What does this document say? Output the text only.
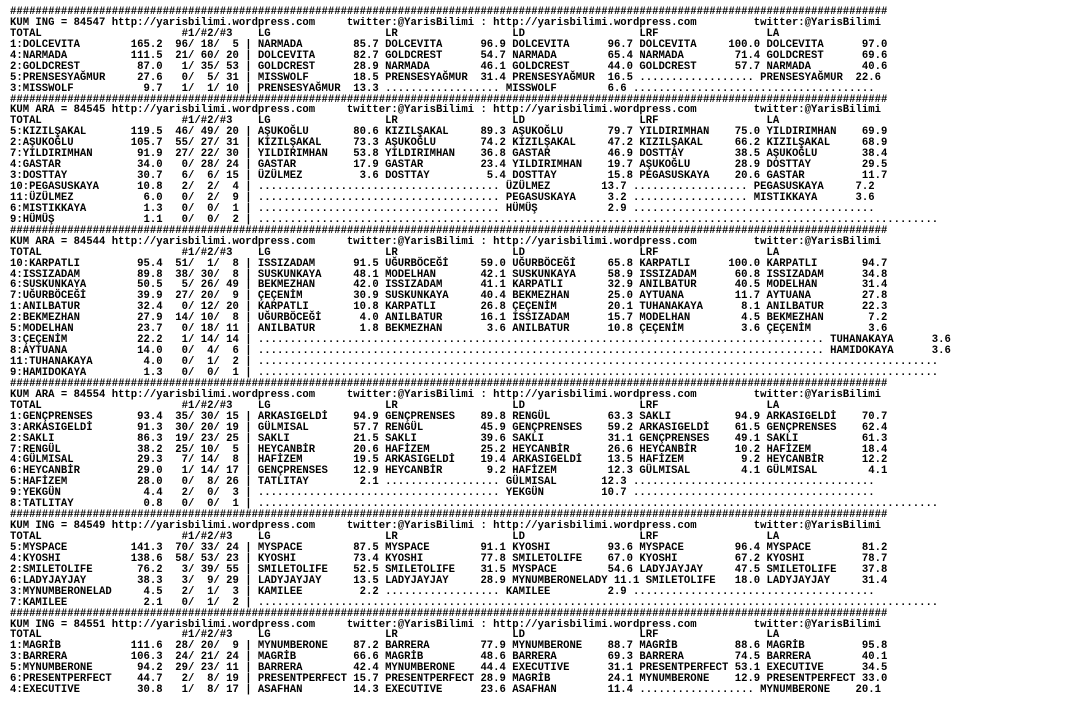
##########################################################################################################################################
KUM ING = 84547 http://yarisbilimi.wordpress.com     twitter:@YarisBilimi : http://yarisbilimi.wordpress.com         twitter:@YarisBilimi
TOTAL                      #1/#2/#3    LG                  LR                  LD                  LRF                 LA
1:DOLCEVITA        165.2  96/ 18/  5 | NARMADA        85.7 DOLCEVITA      96.9 DOLCEVITA      96.7 DOLCEVITA     100.0 DOLCEVITA      97.0
4:NARMADA          111.5  21/ 60/ 20 | DOLCEVITA      82.7 GOLDCREST      54.7 NARMADA        65.4 NARMADA        71.4 GOLDCREST      69.6
2:GOLDCREST         87.0   1/ 35/ 53 | GOLDCREST      28.9 NARMADA        46.1 GOLDCREST      44.0 GOLDCREST      57.7 NARMADA        40.6
5:PRENSESYAĞMUR     27.6   0/  5/ 31 | MISSWOLF       18.5 PRENSESYAĞMUR  31.4 PRENSESYAĞMUR  16.5 .................. PRENSESYAĞMUR  22.6
3:MISSWOLF           9.7   1/  1/ 10 | PRENSESYAĞMUR  13.3 .................. MISSWOLF        6.6 ......................................
##########################################################################################################################################
KUM ARA = 84545 http://yarisbilimi.wordpress.com     twitter:@YarisBilimi : http://yarisbilimi.wordpress.com         twitter:@YarisBilimi
TOTAL                      #1/#2/#3    LG                  LR                  LD                  LRF                 LA
5:KIZILŞAKAL       119.5  46/ 49/ 20 | AŞUKOĞLU       80.6 KIZILŞAKAL     89.3 AŞUKOĞLU       79.7 YILDIRIMHAN    75.0 YILDIRIMHAN    69.9
2:AŞUKOĞLU         105.7  55/ 27/ 31 | KIZILŞAKAL     73.3 AŞUKOĞLU       74.2 KIZILŞAKAL     47.2 KIZILŞAKAL     66.2 KIZILŞAKAL     68.9
7:YILDIRIMHAN       91.9  27/ 22/ 30 | YILDIRIMHAN    53.8 YILDIRIMHAN    36.8 GASTAR         46.9 DOSTTAY        38.5 AŞUKOĞLU       38.4
4:GASTAR            34.0   0/ 28/ 24 | GASTAR         17.9 GASTAR         23.4 YILDIRIMHAN    19.7 AŞUKOĞLU       28.9 DOSTTAY        29.5
3:DOSTTAY           30.7   6/  6/ 15 | ÜZÜLMEZ         3.6 DOSTTAY         5.4 DOSTTAY        15.8 PEGASUSKAYA    20.6 GASTAR         11.7
10:PEGASUSKAYA      10.8   2/  2/  4 | ...................................... ÜZÜLMEZ        13.7 .................. PEGASUSKAYA     7.2
11:ÜZÜLMEZ           6.0   0/  2/  9 | ...................................... PEGASUSKAYA     3.2 .................. MISTIKKAYA      3.6
6:MISTIKKAYA         1.3   0/  0/  1 | ...................................... HÜMÜŞ           2.9 ......................................
9:HÜMÜŞ              1.1   0/  0/  2 | ...........................................................................................................
##########################################################################################################################################
KUM ARA = 84544 http://yarisbilimi.wordpress.com     twitter:@YarisBilimi : http://yarisbilimi.wordpress.com         twitter:@YarisBilimi
TOTAL                      #1/#2/#3    LG                  LR                  LD                  LRF                 LA
10:KARPATLI         95.4  51/  1/  8 | ISSIZADAM      91.5 UĞURBÖCEĞİ     59.0 UĞURBÖCEĞİ     65.8 KARPATLI      100.0 KARPATLI       94.7
4:ISSIZADAM         89.8  38/ 30/  8 | SUSKUNKAYA     48.1 MODELHAN       42.1 SUSKUNKAYA     58.9 ISSIZADAM      60.8 ISSIZADAM      34.8
6:SUSKUNKAYA        50.5   5/ 26/ 49 | BEKMEZHAN      42.0 ISSIZADAM      41.1 KARPATLI       32.9 ANILBATUR      40.5 MODELHAN       31.4
7:UĞURBÖCEĞİ        39.9  27/ 20/  9 | ÇEÇENİM        30.9 SUSKUNKAYA     40.4 BEKMEZHAN      25.0 AYTUANA        11.7 AYTUANA        27.8
1:ANILBATUR         32.4   0/ 12/ 20 | KARPATLI       10.8 KARPATLI       26.8 ÇEÇENİM        20.1 TUHANAKAYA      8.1 ANILBATUR      22.3
2:BEKMEZHAN         27.9  14/ 10/  8 | UĞURBÖCEĞİ      4.0 ANILBATUR      16.1 ISSIZADAM      15.7 MODELHAN        4.5 BEKMEZHAN       7.2
5:MODELHAN          23.7   0/ 18/ 11 | ANILBATUR       1.8 BEKMEZHAN       3.6 ANILBATUR      10.8 ÇEÇENİM         3.6 ÇEÇENİM         3.6
3:ÇEÇENİM           22.2   1/ 14/ 14 | ......................................................................................... TUHANAKAYA      3.6
8:AYTUANA           14.0   0/  4/  6 | ......................................................................................... HAMIDOKAYA      3.6
11:TUHANAKAYA        4.0   0/  1/  2 | ...........................................................................................................
9:HAMIDOKAYA         1.3   0/  0/  1 | ...........................................................................................................
##########################################################################################################################################
KUM ARA = 84554 http://yarisbilimi.wordpress.com     twitter:@YarisBilimi : http://yarisbilimi.wordpress.com         twitter:@YarisBilimi
TOTAL                      #1/#2/#3    LG                  LR                  LD                  LRF                 LA
1:GENÇPRENSES       93.4  35/ 30/ 15 | ARKASIGELDİ    94.9 GENÇPRENSES    89.8 RENGÜL         63.3 SAKLI          94.9 ARKASIGELDİ    70.7
3:ARKASIGELDİ       91.3  30/ 20/ 19 | GÜLMISAL       57.7 RENGÜL         45.9 GENÇPRENSES    59.2 ARKASIGELDİ    61.5 GENÇPRENSES    62.4
2:SAKLI             86.3  19/ 23/ 25 | SAKLI          21.5 SAKLI          39.6 SAKLI          31.1 GENÇPRENSES    49.1 SAKLI          61.3
7:RENGÜL            38.2  25/ 10/  5 | HEYCANBİR      20.6 HAFİZEM        25.2 HEYCANBİR      26.6 HEYCANBİR      10.2 HAFİZEM        18.4
4:GÜLMISAL          29.3   7/ 14/  8 | HAFİZEM        19.5 ARKASIGELDİ    19.4 ARKASIGELDİ    13.5 HAFİZEM         9.2 HEYCANBİR      12.2
6:HEYCANBİR         29.0   1/ 14/ 17 | GENÇPRENSES    12.9 HEYCANBİR       9.2 HAFİZEM        12.3 GÜLMISAL        4.1 GÜLMISAL        4.1
5:HAFİZEM           28.0   0/  8/ 26 | TATLITAY        2.1 .................. GÜLMISAL       12.3 ......................................
9:YEKGÜN             4.4   2/  0/  3 | ...................................... YEKGÜN         10.7 ......................................
8:TATLITAY           0.8   0/  0/  1 | ...........................................................................................................
##########################################################################################################################################
KUM ING = 84549 http://yarisbilimi.wordpress.com     twitter:@YarisBilimi : http://yarisbilimi.wordpress.com         twitter:@YarisBilimi
TOTAL                      #1/#2/#3    LG                  LR                  LD                  LRF                 LA
5:MYSPACE          141.3  70/ 33/ 24 | MYSPACE        87.5 MYSPACE        91.1 KYOSHI         93.6 MYSPACE        96.4 MYSPACE        81.2
4:KYOSHI           138.6  58/ 53/ 23 | KYOSHI         73.4 KYOSHI         77.8 SMILETOLIFE    67.0 KYOSHI         67.2 KYOSHI         78.7
2:SMILETOLIFE       76.2   3/ 39/ 55 | SMILETOLIFE    52.5 SMILETOLIFE    31.5 MYSPACE        54.6 LADYJAYJAY     47.5 SMILETOLIFE    37.8
6:LADYJAYJAY        38.3   3/  9/ 29 | LADYJAYJAY     13.5 LADYJAYJAY     28.9 MYNUMBERONELADY 11.1 SMILETOLIFE   18.0 LADYJAYJAY     31.4
3:MYNUMBERONELAD     4.5   2/  1/  3 | KAMILEE         2.2 .................. KAMILEE         2.9 ......................................
7:KAMILEE            2.1   0/  1/  2 | ...........................................................................................................
##########################################################################################################################################
KUM ING = 84551 http://yarisbilimi.wordpress.com     twitter:@YarisBilimi : http://yarisbilimi.wordpress.com         twitter:@YarisBilimi
TOTAL                      #1/#2/#3    LG                  LR                  LD                  LRF                 LA
1:MAGRİB           111.6  28/ 20/  9 | MYNUMBERONE    87.2 BARRERA        77.9 MYNUMBERONE    88.7 MAGRİB         88.6 MAGRİB         95.8
3:BARRERA          106.3  24/ 21/ 24 | MAGRİB         66.6 MAGRİB         48.6 BARRERA        69.3 BARRERA        74.5 BARRERA        40.1
5:MYNUMBERONE       94.2  29/ 23/ 11 | BARRERA        42.4 MYNUMBERONE    44.4 EXECUTIVE      31.1 PRESENTPERFECT 53.1 EXECUTIVE      34.5
6:PRESENTPERFECT    44.7   2/  8/ 19 | PRESENTPERFECT 15.7 PRESENTPERFECT 28.9 MAGRİB         24.1 MYNUMBERONE    12.9 PRESENTPERFECT 33.0
4:EXECUTIVE         30.8   1/  8/ 17 | ASAFHAN        14.3 EXECUTIVE      23.6 ASAFHAN        11.4 .................. MYNUMBERONE    20.1
